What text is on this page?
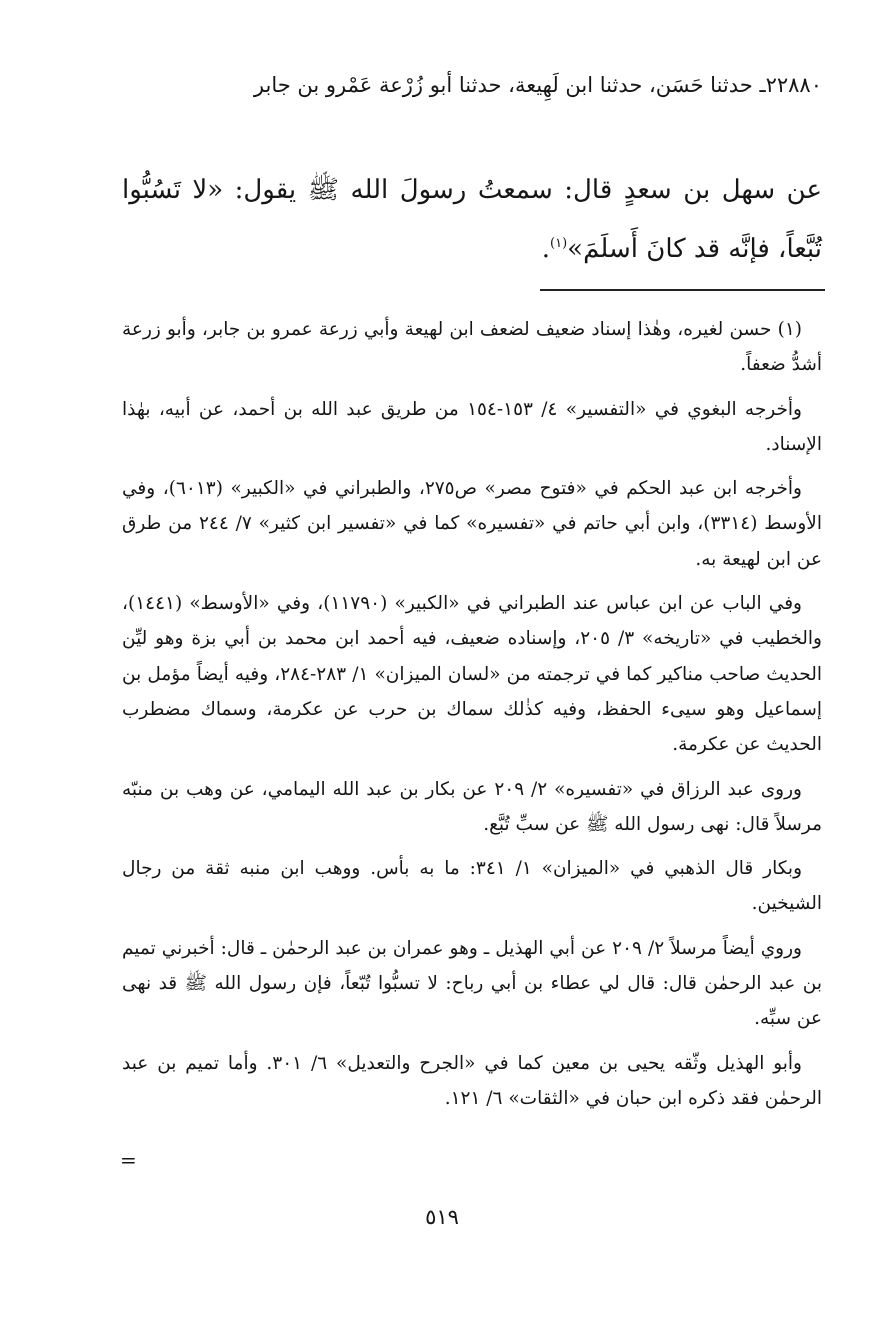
٢٢٨٨٠ـ حدثنا حَسَن، حدثنا ابن لَهِيعة، حدثنا أبو زُرْعة عَمْرو بن جابر

عن سهل بن سعدٍ قال: سمعتُ رسولَ الله ﷺ يقول: «لا تَسُبُّوا تُبَّعاً، فإنَّه قد كانَ أَسلَمَ»$^{(١)}$.

(١) حسن لغيره، وهٰذا إسناد ضعيف لضعف ابن لهيعة وأبي زرعة عمرو بن جابر، وأبو زرعة أشدُّ ضعفاً.

وأخرجه البغوي في «التفسير» ٤/ ١٥٣-١٥٤ من طريق عبد الله بن أحمد، عن أبيه، بهٰذا الإسناد.

وأخرجه ابن عبد الحكم في «فتوح مصر» ص٢٧٥، والطبراني في «الكبير» (٦٠١٣)، وفي الأوسط (٣٣١٤)، وابن أبي حاتم في «تفسيره» كما في «تفسير ابن كثير» ٧/ ٢٤٤ من طرق عن ابن لهيعة به.

وفي الباب عن ابن عباس عند الطبراني في «الكبير» (١١٧٩٠)، وفي «الأوسط» (١٤٤١)، والخطيب في «تاريخه» ٣/ ٢٠٥، وإسناده ضعيف، فيه أحمد ابن محمد بن أبي بزة وهو ليِّن الحديث صاحب مناكير كما في ترجمته من «لسان الميزان» ١/ ٢٨٣-٢٨٤، وفيه أيضاً مؤمل بن إسماعيل وهو سيىء الحفظ، وفيه كذٰلك سماك بن حرب عن عكرمة، وسماك مضطرب الحديث عن عكرمة.

وروى عبد الرزاق في «تفسيره» ٢/ ٢٠٩ عن بكار بن عبد الله اليمامي، عن وهب بن منبّه مرسلاً قال: نهى رسول الله ﷺ عن سبِّ تُبَّع.

وبكار قال الذهبي في «الميزان» ١/ ٣٤١: ما به بأس. ووهب ابن منبه ثقة من رجال الشيخين.

وروي أيضاً مرسلاً ٢/ ٢٠٩ عن أبي الهذيل ـ وهو عمران بن عبد الرحمٰن ـ قال: أخبرني تميم بن عبد الرحمٰن قال: قال لي عطاء بن أبي رباح: لا تسبُّوا تُبّعاً، فإن رسول الله ﷺ قد نهى عن سبِّه.

وأبو الهذيل وثّقه يحيى بن معين كما في «الجرح والتعديل» ٦/ ٣٠١. وأما تميم بن عبد الرحمٰن فقد ذكره ابن حبان في «الثقات» ٦/ ١٢١.

=
٥١٩
